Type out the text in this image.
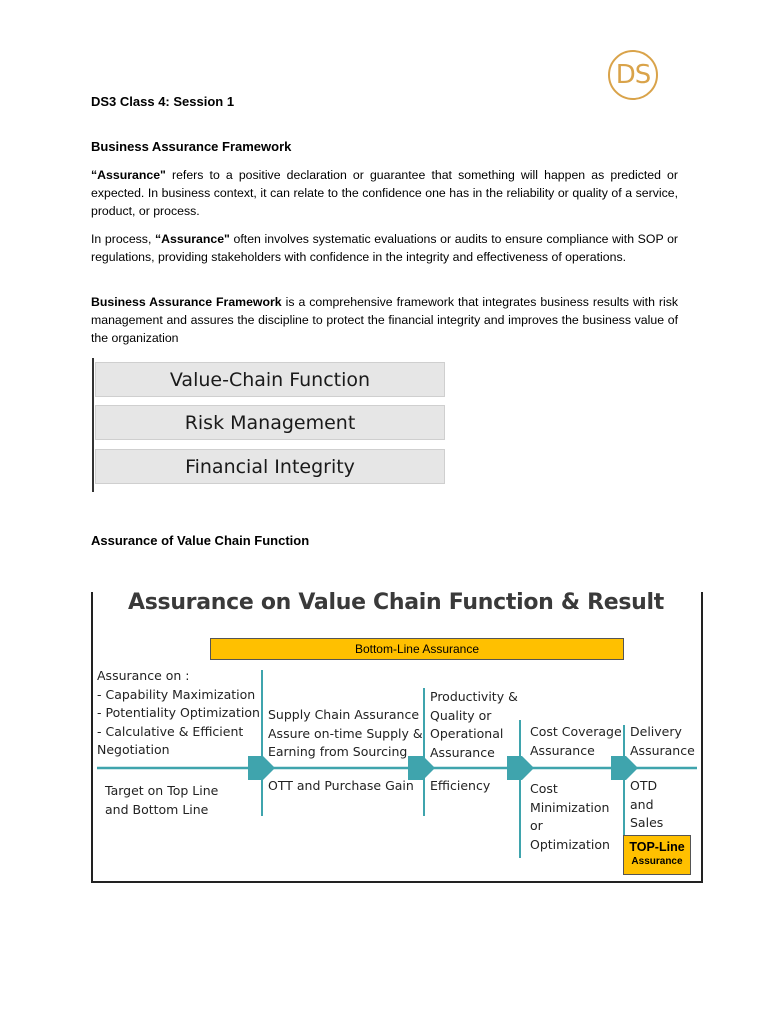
DS
DS3 Class 4: Session 1
Business Assurance Framework
“Assurance" refers to a positive declaration or guarantee that something will happen as predicted or expected. In business context, it can relate to the confidence one has in the reliability or quality of a service, product, or process.
In process, “Assurance" often involves systematic evaluations or audits to ensure compliance with SOP or regulations, providing stakeholders with confidence in the integrity and effectiveness of operations.
Business Assurance Framework is a comprehensive framework that integrates business results with risk management and assures the discipline to protect the financial integrity and improves the business value of the organization
Value-Chain Function
Risk Management
Financial Integrity
Assurance of Value Chain Function
Assurance on Value Chain Function & Result
Bottom-Line Assurance
Assurance on :
- Capability Maximization
- Potentiality Optimization
- Calculative & Efficient
Negotiation
Target on Top Line
and Bottom Line
Supply Chain Assurance
Assure on-time Supply &
Earning from Sourcing
OTT and Purchase Gain
Productivity &
Quality or
Operational
Assurance
Efficiency
Cost Coverage
Assurance
Cost
Minimization
or
Optimization
Delivery
Assurance
OTD
and
Sales
TOP-Line
Assurance
